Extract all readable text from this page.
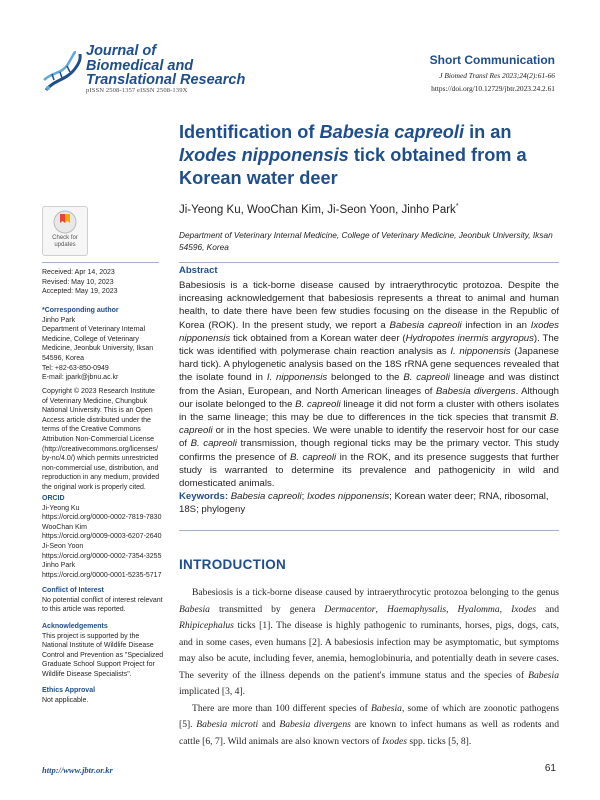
Journal of
Biomedical and
Translational Research
pISSN 2508-1357 eISSN 2508-139X
Short Communication
J Biomed Transl Res 2023;24(2):61-66
https://doi.org/10.12729/jbtr.2023.24.2.61
Identification of Babesia capreoli in an Ixodes nipponensis tick obtained from a Korean water deer
Ji-Yeong Ku, WooChan Kim, Ji-Seon Yoon, Jinho Park*
Department of Veterinary Internal Medicine, College of Veterinary Medicine, Jeonbuk University, Iksan 54596, Korea
Check for
updates
Received: Apr 14, 2023
Revised: May 10, 2023
Accepted: May 19, 2023
*Corresponding author
Jinho Park
Department of Veterinary Internal
Medicine, College of Veterinary
Medicine, Jeonbuk University, Iksan
54596, Korea
Tel: +82-63-850-0949
E-mail: jpark@jbnu.ac.kr
Copyright © 2023 Research Institute
of Veterinary Medicine, Chungbuk
National University. This is an Open
Access article distributed under the
terms of the Creative Commons
Attribution Non-Commercial License
(http://creativecommons.org/licenses/
by-nc/4.0/) which permits unrestricted
non-commercial use, distribution, and
reproduction in any medium, provided
the original work is properly cited.
ORCID
Ji-Yeong Ku
https://orcid.org/0000-0002-7819-7830
WooChan Kim
https://orcid.org/0009-0003-6207-2640
Ji-Seon Yoon
https://orcid.org/0000-0002-7354-3255
Jinho Park
https://orcid.org/0000-0001-5235-5717
Conflict of Interest
No potential conflict of interest relevant
to this article was reported.
Acknowledgements
This project is supported by the
National Institute of Wildlife Disease
Control and Prevention as "Specialized
Graduate School Support Project for
Wildlife Disease Specialists".
Ethics Approval
Not applicable.
Abstract
Babesiosis is a tick-borne disease caused by intraerythrocytic protozoa. Despite the increasing acknowledgement that babesiosis represents a threat to animal and human health, to date there have been few studies focusing on the disease in the Republic of Korea (ROK). In the present study, we report a Babesia capreoli infection in an Ixodes nipponensis tick obtained from a Korean water deer (Hydropotes inermis argyropus). The tick was identified with polymerase chain reaction analysis as I. nipponensis (Japanese hard tick). A phylogenetic analysis based on the 18S rRNA gene sequences revealed that the isolate found in I. nipponensis belonged to the B. capreoli lineage and was distinct from the Asian, European, and North American lineages of Babesia divergens. Although our isolate belonged to the B. capreoli lineage it did not form a cluster with others isolates in the same lineage; this may be due to differences in the tick species that transmit B. capreoli or in the host species. We were unable to identify the reservoir host for our case of B. capreoli transmission, though regional ticks may be the primary vector. This study confirms the presence of B. capreoli in the ROK, and its presence suggests that further study is warranted to determine its prevalence and pathogenicity in wild and domesticated animals.
Keywords: Babesia capreoli; Ixodes nipponensis; Korean water deer; RNA, ribosomal, 18S; phylogeny
INTRODUCTION

Babesiosis is a tick-borne disease caused by intraerythrocytic protozoa belonging to the genus Babesia transmitted by genera Dermacentor, Haemaphysalis, Hyalomma, Ixodes and Rhipicephalus ticks [1]. The disease is highly pathogenic to ruminants, horses, pigs, dogs, cats, and in some cases, even humans [2]. A babesiosis infection may be asymptomatic, but symptoms may also be acute, including fever, anemia, hemoglobinuria, and potentially death in severe cases. The severity of the illness depends on the patient's immune status and the species of Babesia implicated [3, 4].

There are more than 100 different species of Babesia, some of which are zoonotic pathogens [5]. Babesia microti and Babesia divergens are known to infect humans as well as rodents and cattle [6, 7]. Wild animals are also known vectors of Ixodes spp. ticks [5, 8].

http://www.jbtr.or.kr	61
